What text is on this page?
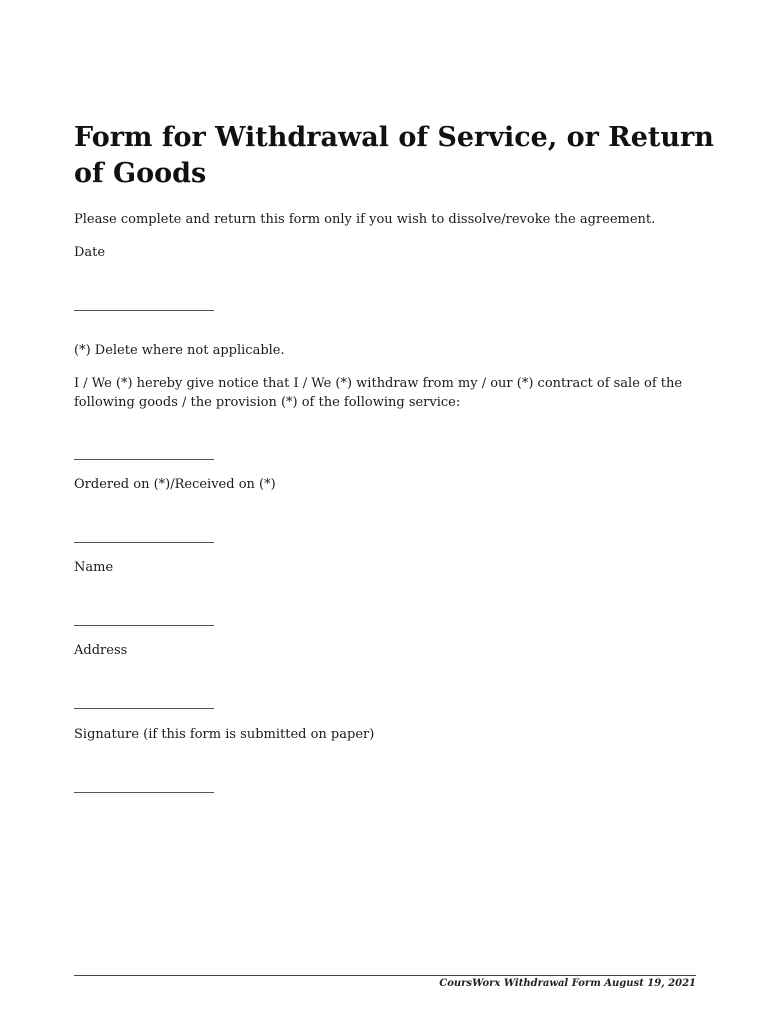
Form for Withdrawal of Service, or Return of Goods

Please complete and return this form only if you wish to dissolve/revoke the agreement.

Date

(*) Delete where not applicable.

I / We (*) hereby give notice that I / We (*) withdraw from my / our (*) contract of sale of the following goods / the provision (*) of the following service:

Ordered on (*)/Received on (*)

Name

Address

Signature (if this form is submitted on paper)

CoursWorx Withdrawal Form August 19, 2021
